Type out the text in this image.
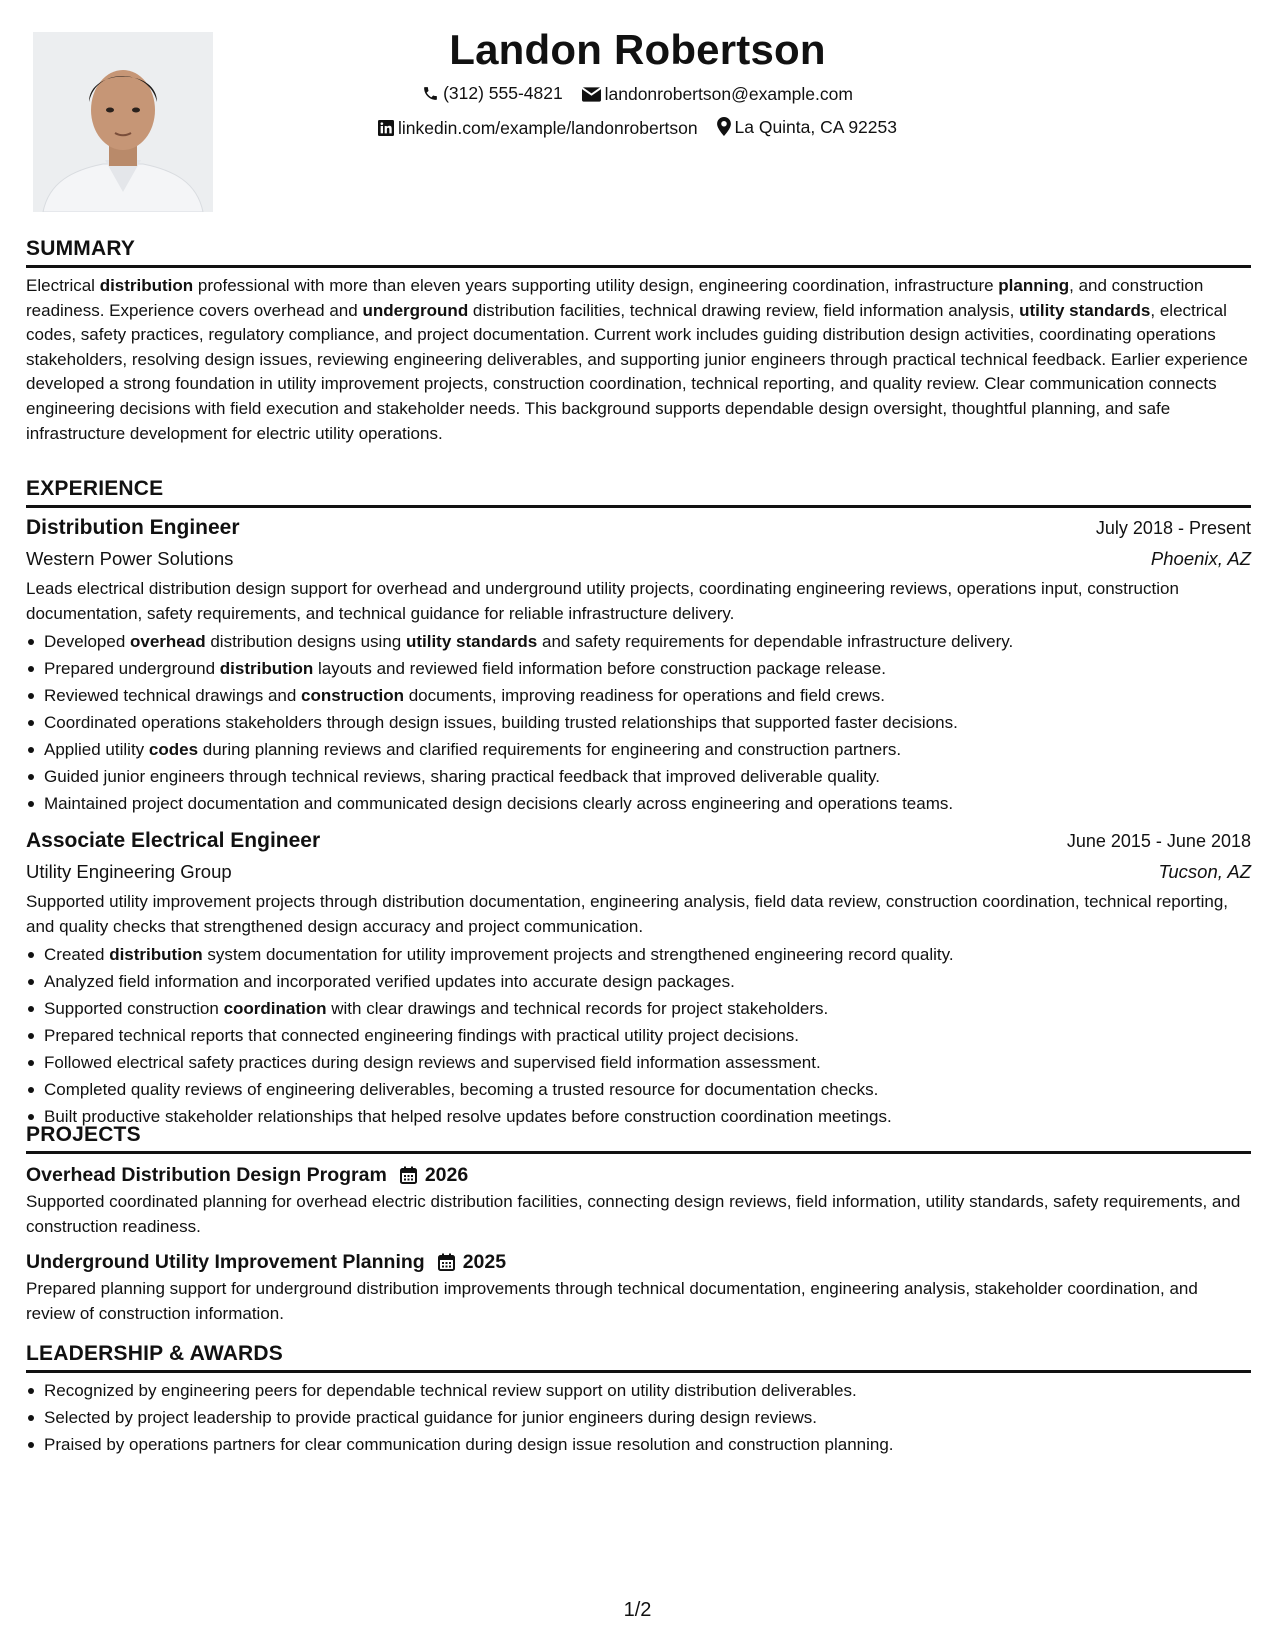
Landon Robertson
(312) 555-4821
landonrobertson@example.com
linkedin.com/example/landonrobertson
La Quinta, CA 92253
SUMMARY
Electrical distribution professional with more than eleven years supporting utility design, engineering coordination, infrastructure planning, and construction readiness. Experience covers overhead and underground distribution facilities, technical drawing review, field information analysis, utility standards, electrical codes, safety practices, regulatory compliance, and project documentation. Current work includes guiding distribution design activities, coordinating operations stakeholders, resolving design issues, reviewing engineering deliverables, and supporting junior engineers through practical technical feedback. Earlier experience developed a strong foundation in utility improvement projects, construction coordination, technical reporting, and quality review. Clear communication connects engineering decisions with field execution and stakeholder needs. This background supports dependable design oversight, thoughtful planning, and safe infrastructure development for electric utility operations.
EXPERIENCE
Distribution Engineer	July 2018 - Present
Western Power Solutions	Phoenix, AZ
Leads electrical distribution design support for overhead and underground utility projects, coordinating engineering reviews, operations input, construction documentation, safety requirements, and technical guidance for reliable infrastructure delivery.
Developed overhead distribution designs using utility standards and safety requirements for dependable infrastructure delivery.
Prepared underground distribution layouts and reviewed field information before construction package release.
Reviewed technical drawings and construction documents, improving readiness for operations and field crews.
Coordinated operations stakeholders through design issues, building trusted relationships that supported faster decisions.
Applied utility codes during planning reviews and clarified requirements for engineering and construction partners.
Guided junior engineers through technical reviews, sharing practical feedback that improved deliverable quality.
Maintained project documentation and communicated design decisions clearly across engineering and operations teams.
Associate Electrical Engineer	June 2015 - June 2018
Utility Engineering Group	Tucson, AZ
Supported utility improvement projects through distribution documentation, engineering analysis, field data review, construction coordination, technical reporting, and quality checks that strengthened design accuracy and project communication.
Created distribution system documentation for utility improvement projects and strengthened engineering record quality.
Analyzed field information and incorporated verified updates into accurate design packages.
Supported construction coordination with clear drawings and technical records for project stakeholders.
Prepared technical reports that connected engineering findings with practical utility project decisions.
Followed electrical safety practices during design reviews and supervised field information assessment.
Completed quality reviews of engineering deliverables, becoming a trusted resource for documentation checks.
Built productive stakeholder relationships that helped resolve updates before construction coordination meetings.
PROJECTS
Overhead Distribution Design Program 2026
Supported coordinated planning for overhead electric distribution facilities, connecting design reviews, field information, utility standards, safety requirements, and construction readiness.
Underground Utility Improvement Planning 2025
Prepared planning support for underground distribution improvements through technical documentation, engineering analysis, stakeholder coordination, and review of construction information.
LEADERSHIP & AWARDS
Recognized by engineering peers for dependable technical review support on utility distribution deliverables.
Selected by project leadership to provide practical guidance for junior engineers during design reviews.
Praised by operations partners for clear communication during design issue resolution and construction planning.
1/2
